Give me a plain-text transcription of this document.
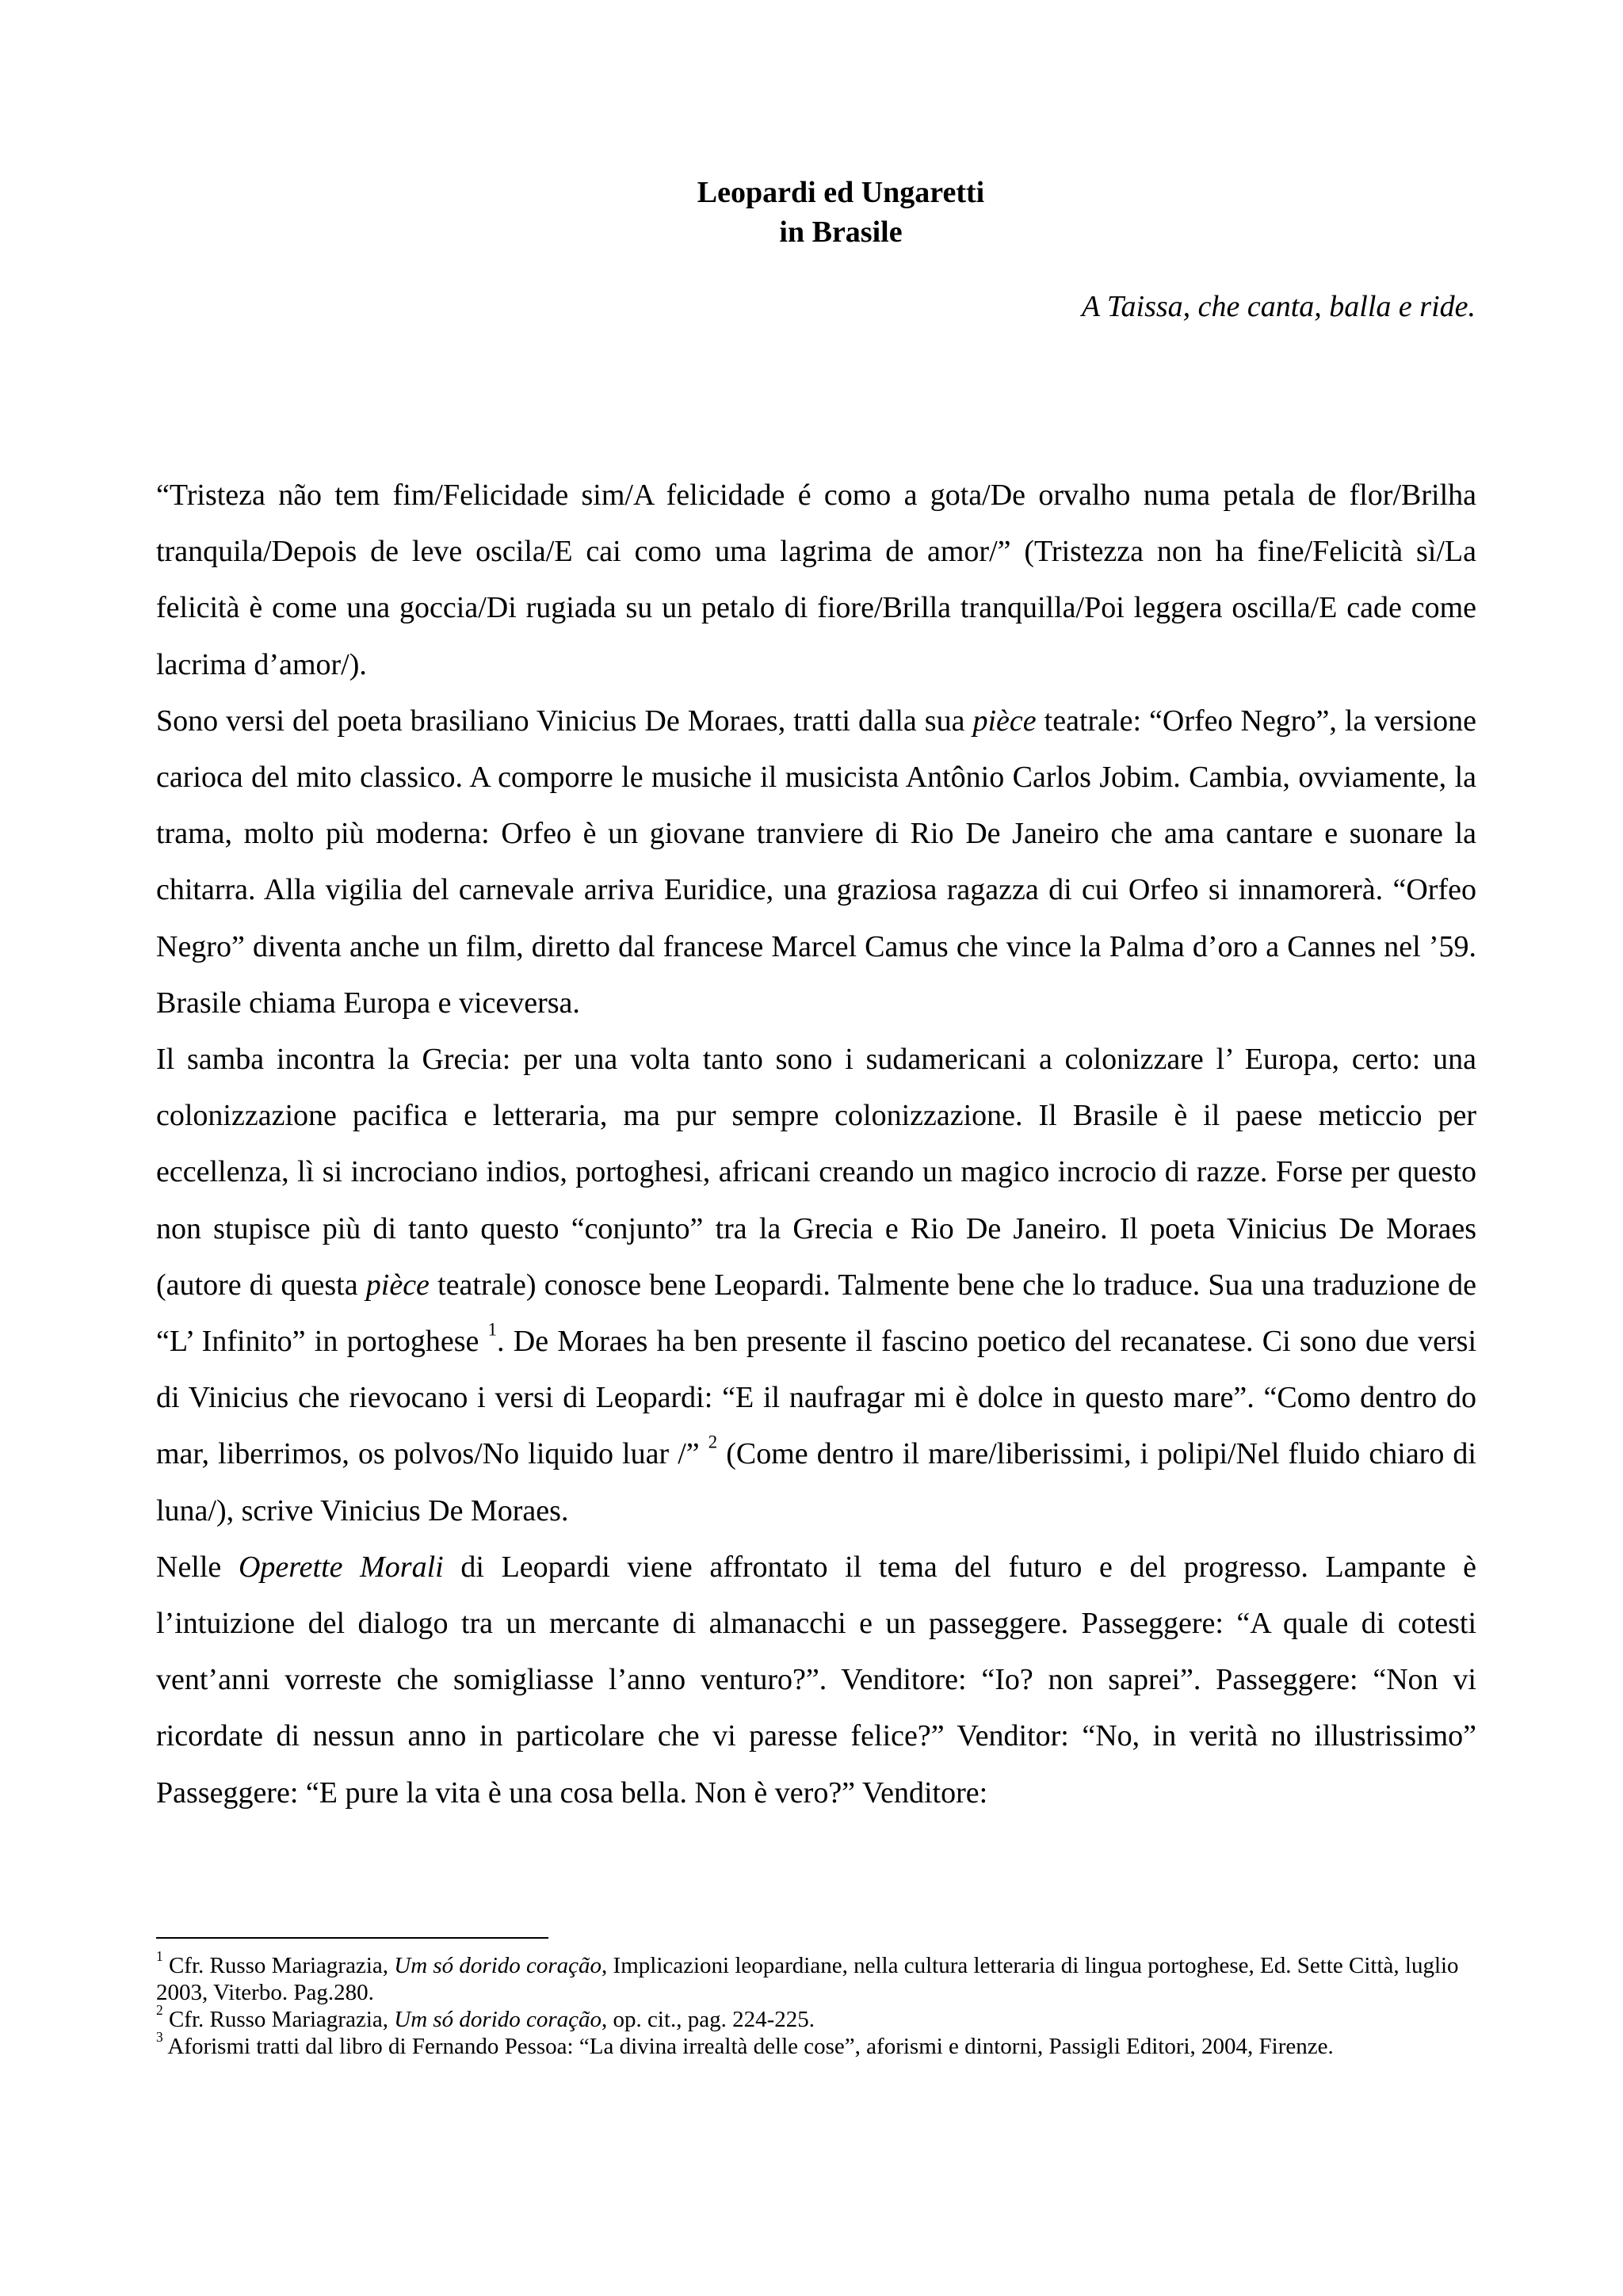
Leopardi ed Ungaretti
in Brasile
A Taissa, che canta, balla e ride.

“Tristeza não tem fim/Felicidade sim/A felicidade é como a gota/De orvalho numa petala de flor/Brilha tranquila/Depois de leve oscila/E cai como uma lagrima de amor/” (Tristezza non ha fine/Felicità sì/La felicità è come una goccia/Di rugiada su un petalo di fiore/Brilla tranquilla/Poi leggera oscilla/E cade come lacrima d’amor/).

Sono versi del poeta brasiliano Vinicius De Moraes, tratti dalla sua pièce teatrale: “Orfeo Negro”, la versione carioca del mito classico. A comporre le musiche il musicista Antônio Carlos Jobim. Cambia, ovviamente, la trama, molto più moderna: Orfeo è un giovane tranviere di Rio De Janeiro che ama cantare e suonare la chitarra. Alla vigilia del carnevale arriva Euridice, una graziosa ragazza di cui Orfeo si innamorerà. “Orfeo Negro” diventa anche un film, diretto dal francese Marcel Camus che vince la Palma d’oro a Cannes nel ’59. Brasile chiama Europa e viceversa.

Il samba incontra la Grecia: per una volta tanto sono i sudamericani a colonizzare l’ Europa, certo: una colonizzazione pacifica e letteraria, ma pur sempre colonizzazione. Il Brasile è il paese meticcio per eccellenza, lì si incrociano indios, portoghesi, africani creando un magico incrocio di razze. Forse per questo non stupisce più di tanto questo “conjunto” tra la Grecia e Rio De Janeiro. Il poeta Vinicius De Moraes (autore di questa pièce teatrale) conosce bene Leopardi. Talmente bene che lo traduce. Sua una traduzione de “L’ Infinito” in portoghese $^1$. De Moraes ha ben presente il fascino poetico del recanatese. Ci sono due versi di Vinicius che rievocano i versi di Leopardi: “E il naufragar mi è dolce in questo mare”. “Como dentro do mar, liberrimos, os polvos/No liquido luar /” $^2$ (Come dentro il mare/liberissimi, i polipi/Nel fluido chiaro di luna/), scrive Vinicius De Moraes.

Nelle Operette Morali di Leopardi viene affrontato il tema del futuro e del progresso. Lampante è l’intuizione del dialogo tra un mercante di almanacchi e un passeggere. Passeggere: “A quale di cotesti vent’anni vorreste che somigliasse l’anno venturo?”. Venditore: “Io? non saprei”. Passeggere: “Non vi ricordate di nessun anno in particolare che vi paresse felice?” Venditor: “No, in verità no illustrissimo” Passeggere: “E pure la vita è una cosa bella. Non è vero?” Venditore:

$^1$ Cfr. Russo Mariagrazia, Um só dorido coração, Implicazioni leopardiane, nella cultura letteraria di lingua portoghese, Ed. Sette Città, luglio 2003, Viterbo. Pag.280.

$^2$ Cfr. Russo Mariagrazia, Um só dorido coração, op. cit., pag. 224-225.

$^3$ Aforismi tratti dal libro di Fernando Pessoa: “La divina irrealtà delle cose”, aforismi e dintorni, Passigli Editori, 2004, Firenze.
